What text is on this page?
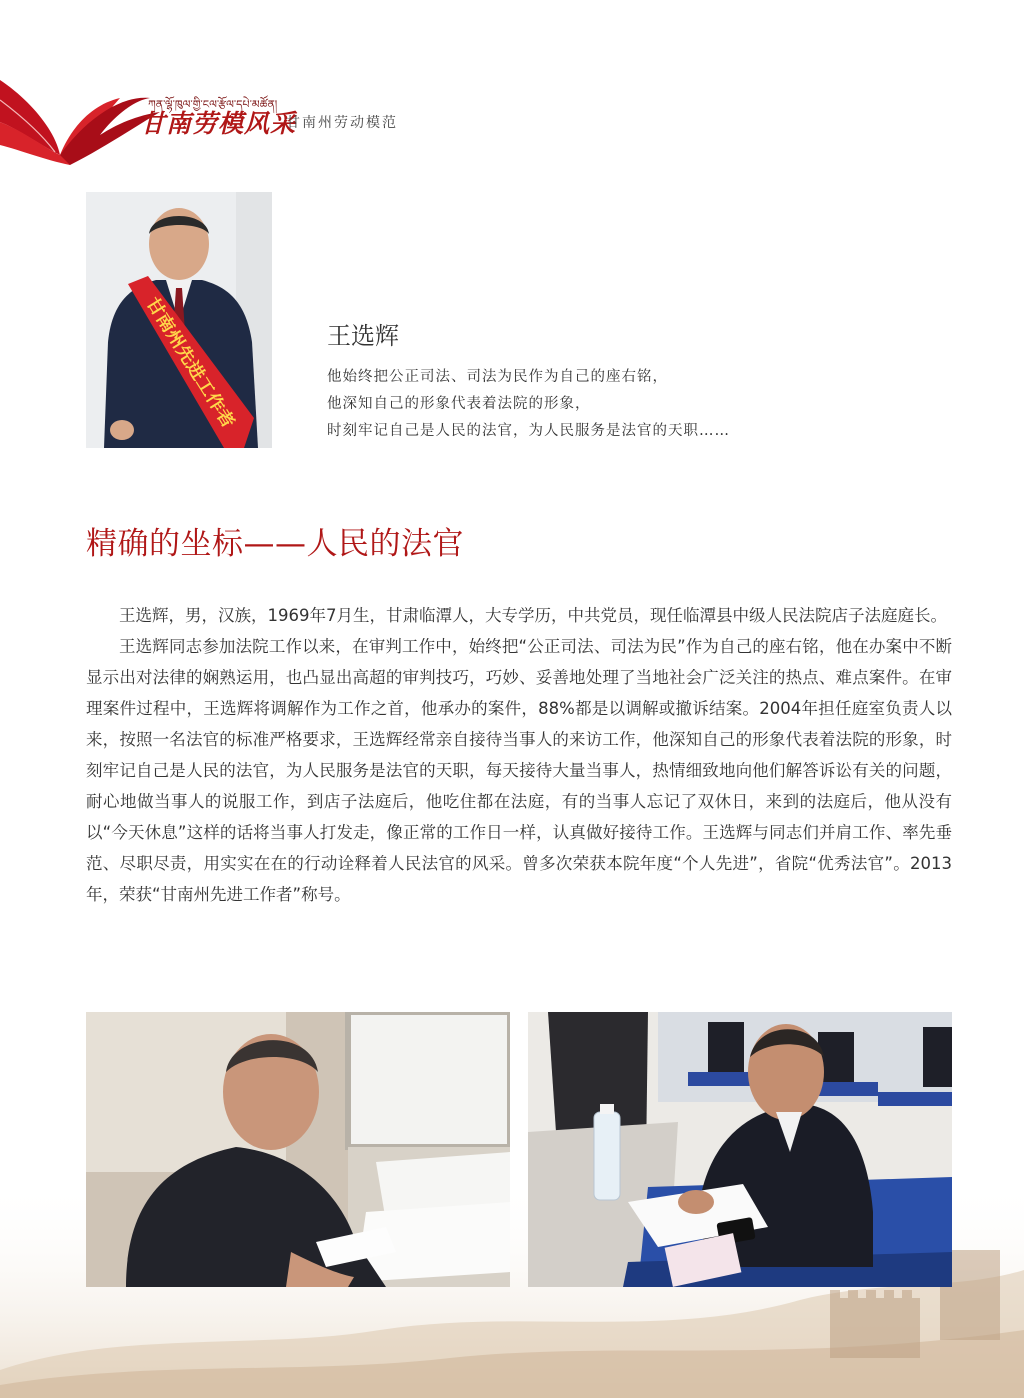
ཀན་ལྷོ་ཁུལ་གྱི་ངལ་རྩོལ་དཔེ་མཚོན།
甘南劳模风采
甘南州劳动模范
甘南州先进工作者	王选辉
他始终把公正司法、司法为民作为自己的座右铭，
他深知自己的形象代表着法院的形象，
时刻牢记自己是人民的法官，为人民服务是法官的天职……
精确的坐标——人民的法官

王选辉，男，汉族，1969年7月生，甘肃临潭人，大专学历，中共党员，现任临潭县中级人民法院店子法庭庭长。

王选辉同志参加法院工作以来，在审判工作中，始终把“公正司法、司法为民”作为自己的座右铭，他在办案中不断显示出对法律的娴熟运用，也凸显出高超的审判技巧，巧妙、妥善地处理了当地社会广泛关注的热点、难点案件。在审理案件过程中，王选辉将调解作为工作之首，他承办的案件，88%都是以调解或撤诉结案。2004年担任庭室负责人以来，按照一名法官的标准严格要求，王选辉经常亲自接待当事人的来访工作，他深知自己的形象代表着法院的形象，时刻牢记自己是人民的法官，为人民服务是法官的天职，每天接待大量当事人，热情细致地向他们解答诉讼有关的问题，耐心地做当事人的说服工作，到店子法庭后，他吃住都在法庭，有的当事人忘记了双休日，来到的法庭后，他从没有以“今天休息”这样的话将当事人打发走，像正常的工作日一样，认真做好接待工作。王选辉与同志们并肩工作、率先垂范、尽职尽责，用实实在在的行动诠释着人民法官的风采。曾多次荣获本院年度“个人先进”，省院“优秀法官”。2013年，荣获“甘南州先进工作者”称号。
